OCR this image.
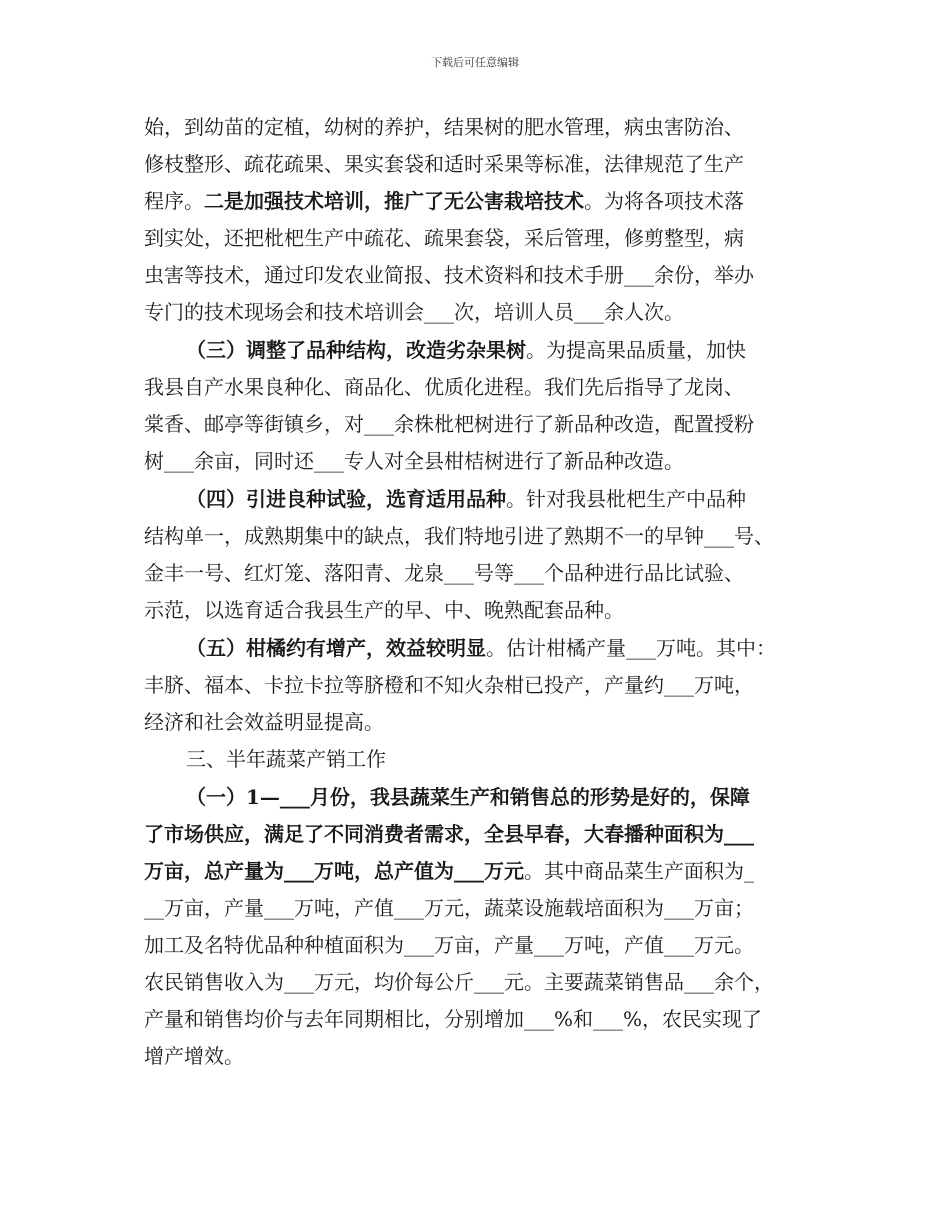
下载后可任意编辑
始，到幼苗的定植，幼树的养护，结果树的肥水管理，病虫害防治、
修枝整形、疏花疏果、果实套袋和适时采果等标准，法律规范了生产
程序。二是加强技术培训，推广了无公害栽培技术。为将各项技术落
到实处，还把枇杷生产中疏花、疏果套袋，采后管理，修剪整型，病
虫害等技术，通过印发农业简报、技术资料和技术手册___余份，举办
专门的技术现场会和技术培训会___次，培训人员___余人次。
（三）调整了品种结构，改造劣杂果树。为提高果品质量，加快
我县自产水果良种化、商品化、优质化进程。我们先后指导了龙岗、
棠香、邮亭等街镇乡，对___余株枇杷树进行了新品种改造，配置授粉
树___余亩，同时还___专人对全县柑桔树进行了新品种改造。
（四）引进良种试验，选育适用品种。针对我县枇杷生产中品种
结构单一，成熟期集中的缺点，我们特地引进了熟期不一的早钟___号、
金丰一号、红灯笼、落阳青、龙泉___号等___个品种进行品比试验、
示范，以选育适合我县生产的早、中、晚熟配套品种。
（五）柑橘约有增产，效益较明显。估计柑橘产量___万吨。其中：
丰脐、福本、卡拉卡拉等脐橙和不知火杂柑已投产，产量约___万吨，
经济和社会效益明显提高。
三、半年蔬菜产销工作
（一）1—___月份，我县蔬菜生产和销售总的形势是好的，保障
了市场供应，满足了不同消费者需求，全县早春，大春播种面积为___
万亩，总产量为___万吨，总产值为___万元。其中商品菜生产面积为_
__万亩，产量___万吨，产值___万元，蔬菜设施载培面积为___万亩；
加工及名特优品种种植面积为___万亩，产量___万吨，产值___万元。
农民销售收入为___万元，均价每公斤___元。主要蔬菜销售品___余个，
产量和销售均价与去年同期相比，分别增加___%和___%，农民实现了
增产增效。
